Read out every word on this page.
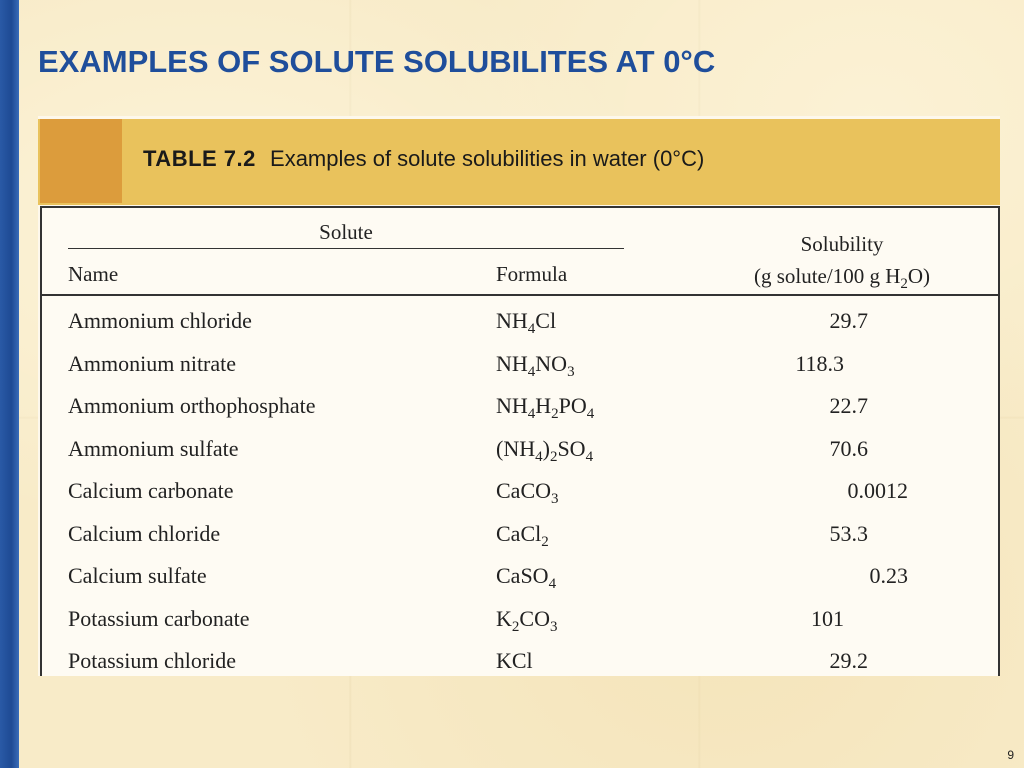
EXAMPLES OF SOLUTE SOLUBILITES AT 0°C
TABLE 7.2 Examples of solute solubilities in water (0°C)
Solute
Name	Formula
Solubility
(g solute/100 g $H_2O$)
Ammonium chloride	$NH_4Cl$	29.7
Ammonium nitrate	$NH_4NO_3$	118.3
Ammonium orthophosphate	$NH_4H_2PO_4$	22.7
Ammonium sulfate	$(NH_4)_2SO_4$	70.6
Calcium carbonate	CaCO$_3$	0.0012
Calcium chloride	CaCl$_2$	53.3
Calcium sulfate	CaSO$_4$	0.23
Potassium carbonate	$K_2CO_3$	101
Potassium chloride	KCl	29.2
9
